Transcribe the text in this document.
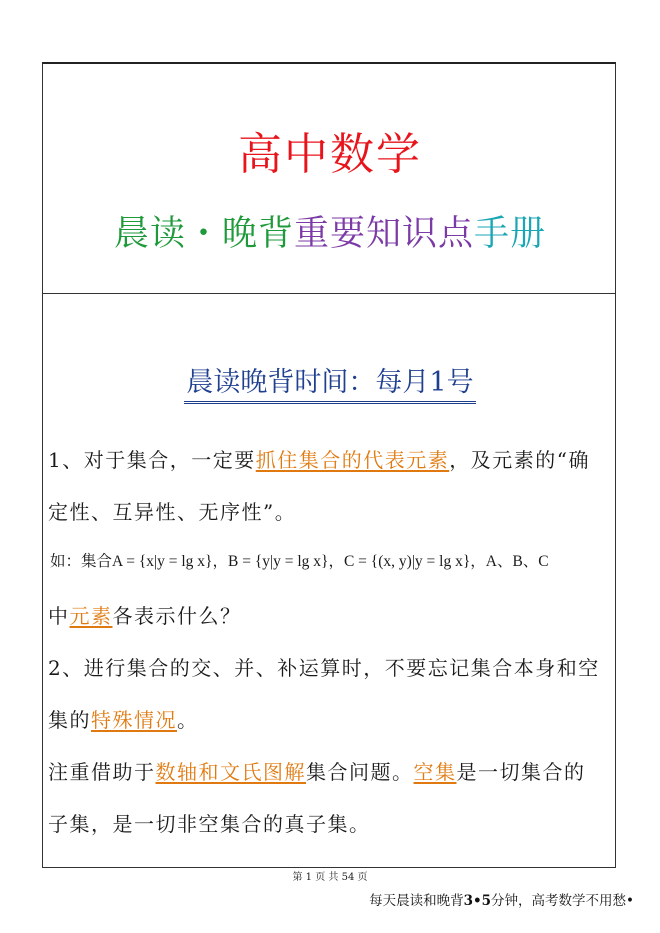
高中数学
晨读・晚背重要知识点手册
晨读晚背时间：每月1号
1、对于集合，一定要抓住集合的代表元素，及元素的“确
定性、互异性、无序性”。
如：集合A = {x|y = lg x}，B = {y|y = lg x}，C = {(x, y)|y = lg x}，A、B、C
中元素各表示什么？
2、进行集合的交、并、补运算时，不要忘记集合本身和空
集的特殊情况。
注重借助于数轴和文氏图解集合问题。空集是一切集合的
子集，是一切非空集合的真子集。
第 1 页 共 54 页
每天晨读和晚背3•5分钟，高考数学不用愁•
